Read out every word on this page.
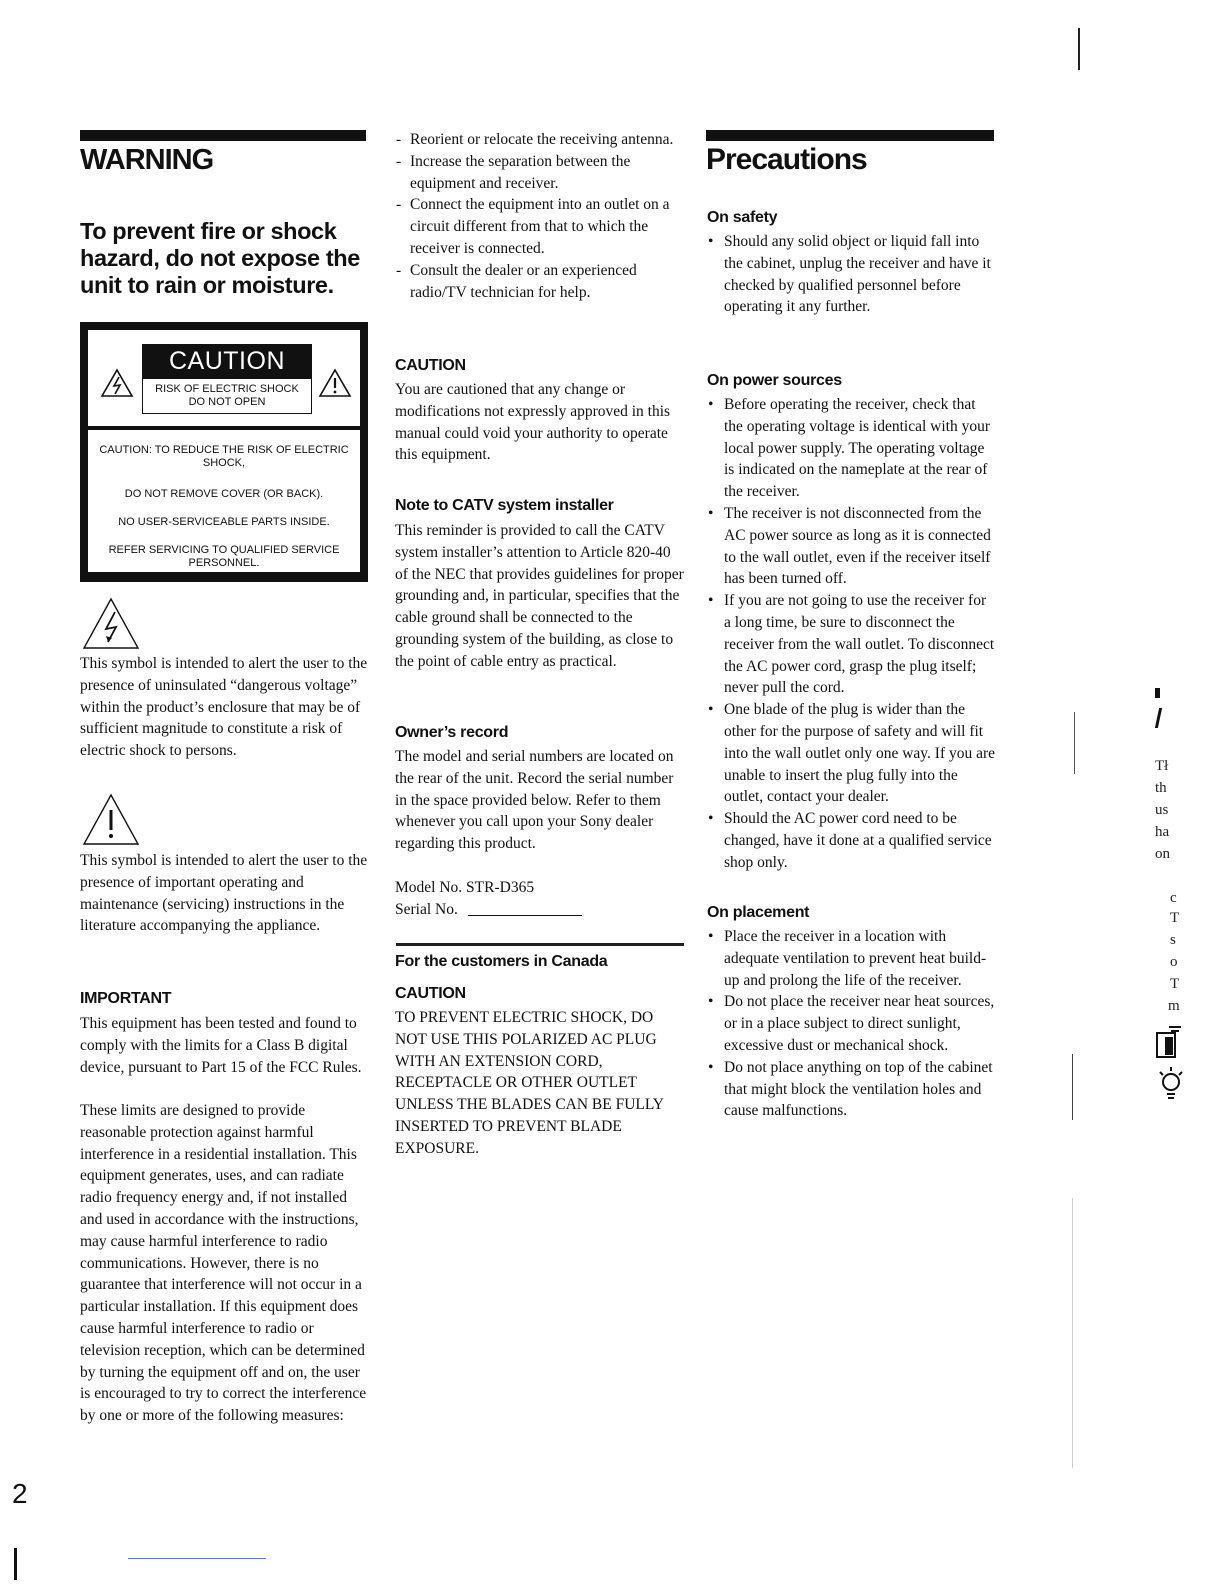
WARNING
To prevent fire or shock hazard, do not expose the unit to rain or moisture.
CAUTION
RISK OF ELECTRIC SHOCK
DO NOT OPEN
CAUTION: TO REDUCE THE RISK OF ELECTRIC SHOCK,
DO NOT REMOVE COVER (OR BACK).
NO USER-SERVICEABLE PARTS INSIDE.
REFER SERVICING TO QUALIFIED SERVICE PERSONNEL.
This symbol is intended to alert the user to the presence of uninsulated “dangerous voltage” within the product’s enclosure that may be of sufficient magnitude to constitute a risk of electric shock to persons.
This symbol is intended to alert the user to the presence of important operating and maintenance (servicing) instructions in the literature accompanying the appliance.
IMPORTANT
This equipment has been tested and found to comply with the limits for a Class B digital device, pursuant to Part 15 of the FCC Rules.
These limits are designed to provide reasonable protection against harmful interference in a residential installation. This equipment generates, uses, and can radiate radio frequency energy and, if not installed and used in accordance with the instructions, may cause harmful interference to radio communications. However, there is no guarantee that interference will not occur in a particular installation. If this equipment does cause harmful interference to radio or television reception, which can be determined by turning the equipment off and on, the user is encouraged to try to correct the interference by one or more of the following measures:
- Reorient or relocate the receiving antenna.
- Increase the separation between the equipment and receiver.
- Connect the equipment into an outlet on a circuit different from that to which the receiver is connected.
- Consult the dealer or an experienced radio/TV technician for help.
CAUTION
You are cautioned that any change or modifications not expressly approved in this manual could void your authority to operate this equipment.
Note to CATV system installer
This reminder is provided to call the CATV system installer’s attention to Article 820-40 of the NEC that provides guidelines for proper grounding and, in particular, specifies that the cable ground shall be connected to the grounding system of the building, as close to the point of cable entry as practical.
Owner’s record
The model and serial numbers are located on the rear of the unit. Record the serial number in the space provided below. Refer to them whenever you call upon your Sony dealer regarding this product.
Model No. STR-D365
Serial No.
For the customers in Canada
CAUTION
TO PREVENT ELECTRIC SHOCK, DO NOT USE THIS POLARIZED AC PLUG WITH AN EXTENSION CORD, RECEPTACLE OR OTHER OUTLET UNLESS THE BLADES CAN BE FULLY INSERTED TO PREVENT BLADE EXPOSURE.
Precautions
On safety
• Should any solid object or liquid fall into the cabinet, unplug the receiver and have it checked by qualified personnel before operating it any further.
On power sources
• Before operating the receiver, check that the operating voltage is identical with your local power supply. The operating voltage is indicated on the nameplate at the rear of the receiver.
• The receiver is not disconnected from the AC power source as long as it is connected to the wall outlet, even if the receiver itself has been turned off.
• If you are not going to use the receiver for a long time, be sure to disconnect the receiver from the wall outlet. To disconnect the AC power cord, grasp the plug itself; never pull the cord.
• One blade of the plug is wider than the other for the purpose of safety and will fit into the wall outlet only one way. If you are unable to insert the plug fully into the outlet, contact your dealer.
• Should the AC power cord need to be changed, have it done at a qualified service shop only.
On placement
• Place the receiver in a location with adequate ventilation to prevent heat build-up and prolong the life of the receiver.
• Do not place the receiver near heat sources, or in a place subject to direct sunlight, excessive dust or mechanical shock.
• Do not place anything on top of the cabinet that might block the ventilation holes and cause malfunctions.
2
Tł
th
us
ha
on
c
T
s
o
T
m
